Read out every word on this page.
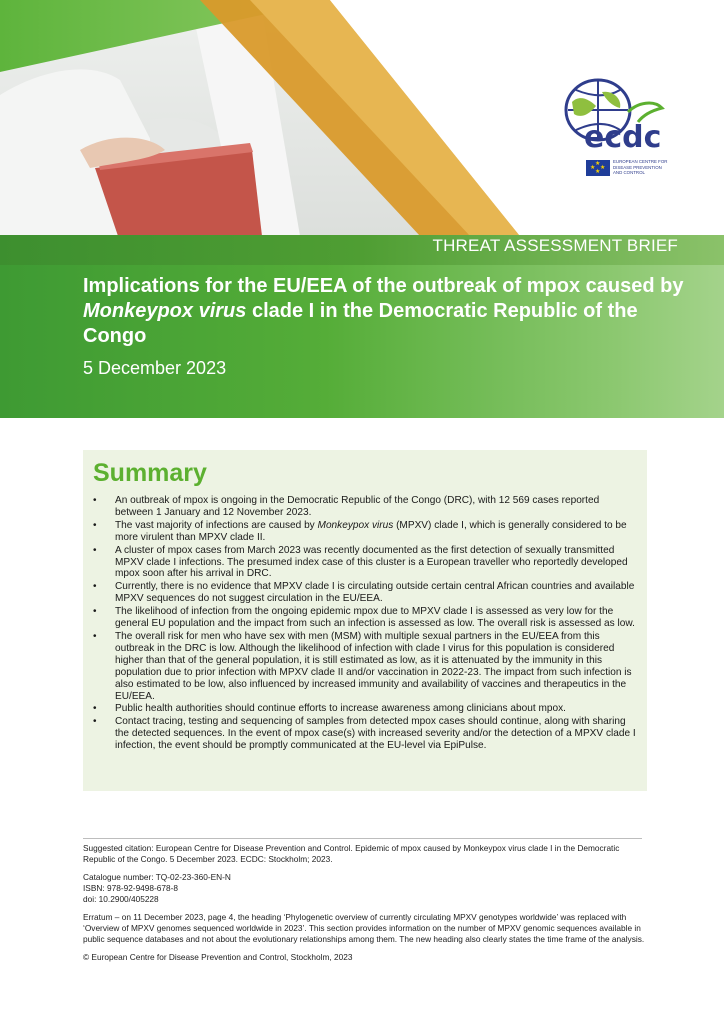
ecdc
★
★ ★
★
EUROPEAN CENTRE FOR
DISEASE PREVENTION
AND CONTROL
THREAT ASSESSMENT BRIEF
Implications for the EU/EEA of the outbreak of mpox caused by Monkeypox virus clade I in the Democratic Republic of the Congo
5 December 2023
Summary
• An outbreak of mpox is ongoing in the Democratic Republic of the Congo (DRC), with 12 569 cases reported between 1 January and 12 November 2023.
• The vast majority of infections are caused by Monkeypox virus (MPXV) clade I, which is generally considered to be more virulent than MPXV clade II.
• A cluster of mpox cases from March 2023 was recently documented as the first detection of sexually transmitted MPXV clade I infections. The presumed index case of this cluster is a European traveller who reportedly developed mpox soon after his arrival in DRC.
• Currently, there is no evidence that MPXV clade I is circulating outside certain central African countries and available MPXV sequences do not suggest circulation in the EU/EEA.
• The likelihood of infection from the ongoing epidemic mpox due to MPXV clade I is assessed as very low for the general EU population and the impact from such an infection is assessed as low. The overall risk is assessed as low.
• The overall risk for men who have sex with men (MSM) with multiple sexual partners in the EU/EEA from this outbreak in the DRC is low. Although the likelihood of infection with clade I virus for this population is considered higher than that of the general population, it is still estimated as low, as it is attenuated by the immunity in this population due to prior infection with MPXV clade II and/or vaccination in 2022-23. The impact from such infection is also estimated to be low, also influenced by increased immunity and availability of vaccines and therapeutics in the EU/EEA.
• Public health authorities should continue efforts to increase awareness among clinicians about mpox.
• Contact tracing, testing and sequencing of samples from detected mpox cases should continue, along with sharing the detected sequences. In the event of mpox case(s) with increased severity and/or the detection of a MPXV clade I infection, the event should be promptly communicated at the EU-level via EpiPulse.

Suggested citation: European Centre for Disease Prevention and Control. Epidemic of mpox caused by Monkeypox virus clade I in the Democratic Republic of the Congo. 5 December 2023. ECDC: Stockholm; 2023.

Catalogue number: TQ-02-23-360-EN-N

ISBN: 978-92-9498-678-8

doi: 10.2900/405228

Erratum – on 11 December 2023, page 4, the heading ‘Phylogenetic overview of currently circulating MPXV genotypes worldwide’ was replaced with ‘Overview of MPXV genomes sequenced worldwide in 2023’. This section provides information on the number of MPXV genomic sequences available in public sequence databases and not about the evolutionary relationships among them. The new heading also clearly states the time frame of the analysis.

© European Centre for Disease Prevention and Control, Stockholm, 2023
